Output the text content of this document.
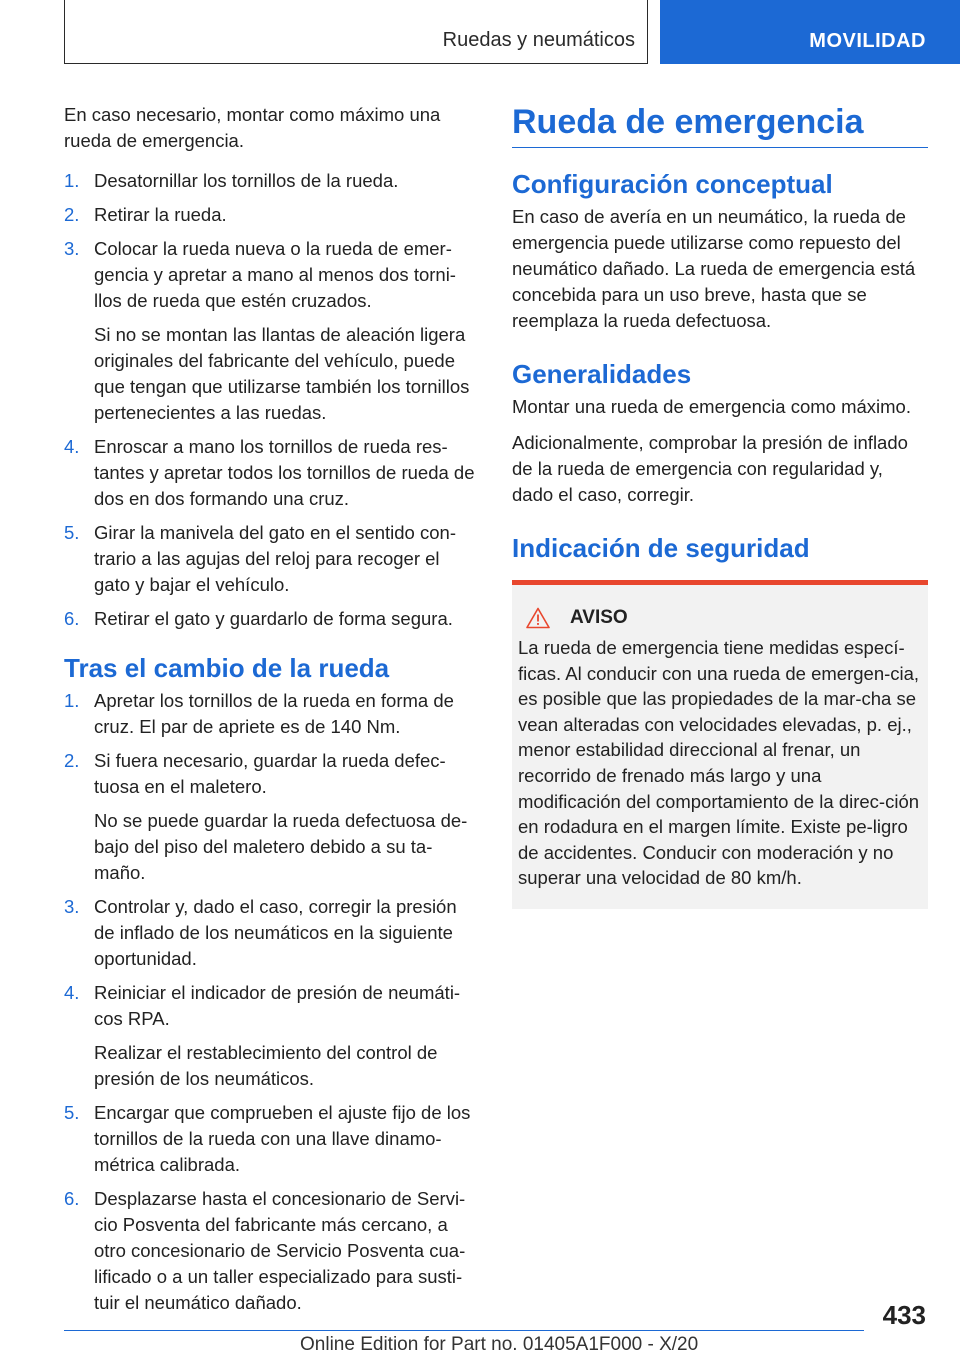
Ruedas y neumáticos	MOVILIDAD

En caso necesario, montar como máximo una rueda de emergencia.

1. Desatornillar los tornillos de la rueda.
2. Retirar la rueda.
3. Colocar la rueda nueva o la rueda de emer‐gencia y apretar a mano al menos dos torni‐llos de rueda que estén cruzados.
Si no se montan las llantas de aleación ligera originales del fabricante del vehículo, puede que tengan que utilizarse también los tornillos pertenecientes a las ruedas.
4. Enroscar a mano los tornillos de rueda res‐tantes y apretar todos los tornillos de rueda de dos en dos formando una cruz.
5. Girar la manivela del gato en el sentido con‐trario a las agujas del reloj para recoger el gato y bajar el vehículo.
6. Retirar el gato y guardarlo de forma segura.
Tras el cambio de la rueda
1. Apretar los tornillos de la rueda en forma de cruz. El par de apriete es de 140 Nm.
2. Si fuera necesario, guardar la rueda defec‐tuosa en el maletero.
No se puede guardar la rueda defectuosa de‐bajo del piso del maletero debido a su ta‐maño.
3. Controlar y, dado el caso, corregir la presión de inflado de los neumáticos en la siguiente oportunidad.
4. Reiniciar el indicador de presión de neumáti‐cos RPA.
Realizar el restablecimiento del control de presión de los neumáticos.
5. Encargar que comprueben el ajuste fijo de los tornillos de la rueda con una llave dinamo‐métrica calibrada.
6. Desplazarse hasta el concesionario de Servi‐cio Posventa del fabricante más cercano, a otro concesionario de Servicio Posventa cua‐lificado o a un taller especializado para susti‐tuir el neumático dañado.
Rueda de emergencia
Configuración conceptual

En caso de avería en un neumático, la rueda de emergencia puede utilizarse como repuesto del neumático dañado. La rueda de emergencia está concebida para un uso breve, hasta que se reemplaza la rueda defectuosa.

Generalidades

Montar una rueda de emergencia como máximo.

Adicionalmente, comprobar la presión de inflado de la rueda de emergencia con regularidad y, dado el caso, corregir.

Indicación de seguridad
AVISO

La rueda de emergencia tiene medidas especí‐ficas. Al conducir con una rueda de emergen‐cia, es posible que las propiedades de la mar‐cha se vean alteradas con velocidades elevadas, p. ej., menor estabilidad direccional al frenar, un recorrido de frenado más largo y una modificación del comportamiento de la direc‐ción en rodadura en el margen límite. Existe pe‐ligro de accidentes. Conducir con moderación y no superar una velocidad de 80 km/h.

433
Online Edition for Part no. 01405A1F000 - X/20
